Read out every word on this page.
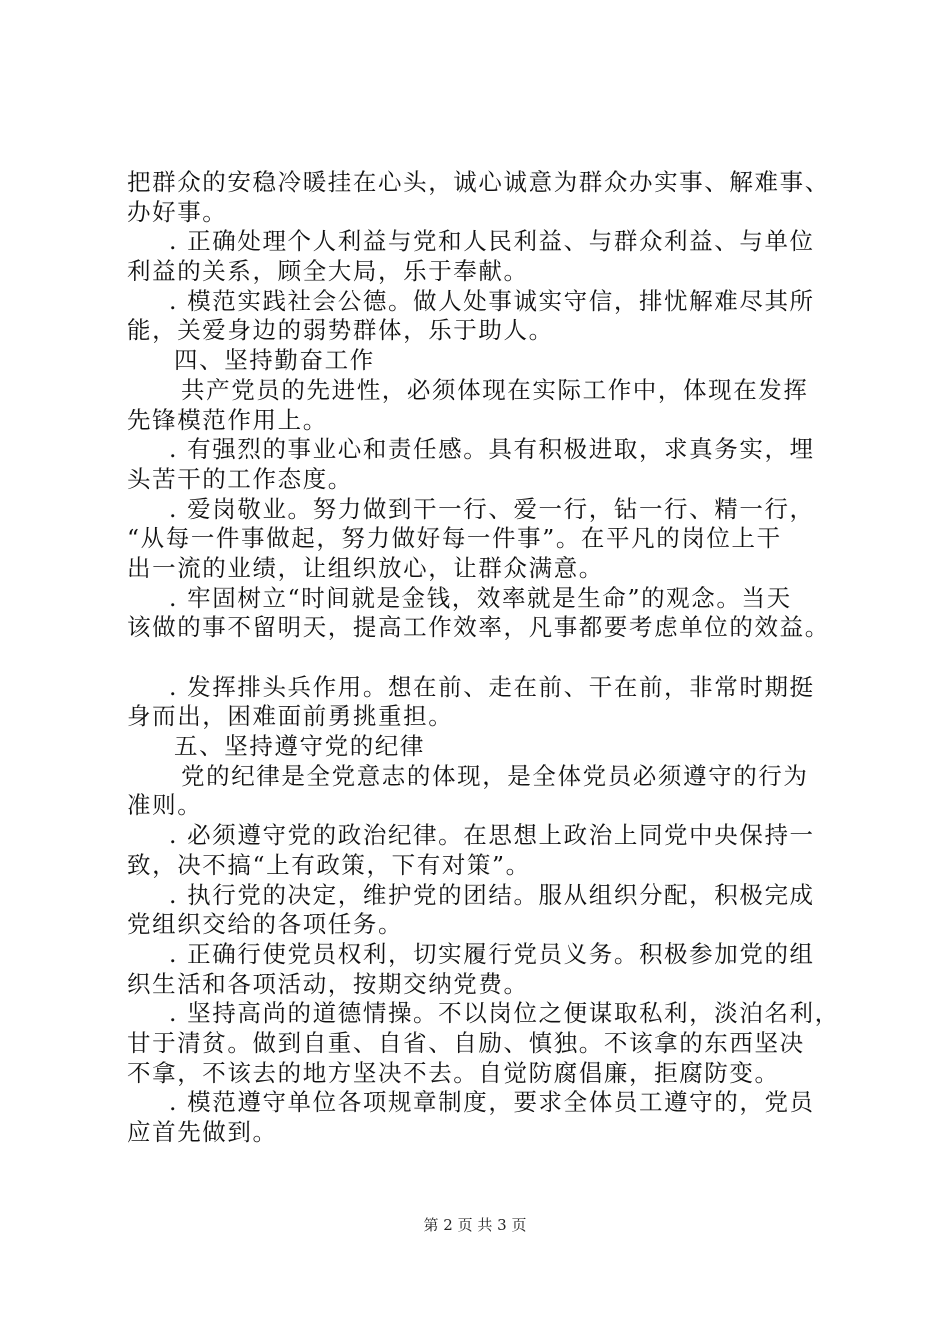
把群众的安稳冷暖挂在心头，诚心诚意为群众办实事、解难事、
办好事。
. 正确处理个人利益与党和人民利益、与群众利益、与单位
利益的关系，顾全大局，乐于奉献。
. 模范实践社会公德。做人处事诚实守信，排忧解难尽其所
能，关爱身边的弱势群体，乐于助人。
四、坚持勤奋工作
共产党员的先进性，必须体现在实际工作中，体现在发挥
先锋模范作用上。
. 有强烈的事业心和责任感。具有积极进取，求真务实，埋
头苦干的工作态度。
. 爱岗敬业。努力做到干一行、爱一行，钻一行、精一行，
“从每一件事做起，努力做好每一件事”。在平凡的岗位上干
出一流的业绩，让组织放心，让群众满意。
. 牢固树立“时间就是金钱，效率就是生命”的观念。当天
该做的事不留明天，提高工作效率，凡事都要考虑单位的效益。
. 发挥排头兵作用。想在前、走在前、干在前，非常时期挺
身而出，困难面前勇挑重担。
五、坚持遵守党的纪律
党的纪律是全党意志的体现，是全体党员必须遵守的行为
准则。
. 必须遵守党的政治纪律。在思想上政治上同党中央保持一
致，决不搞“上有政策，下有对策”。
. 执行党的决定，维护党的团结。服从组织分配，积极完成
党组织交给的各项任务。
. 正确行使党员权利，切实履行党员义务。积极参加党的组
织生活和各项活动，按期交纳党费。
. 坚持高尚的道德情操。不以岗位之便谋取私利，淡泊名利，
甘于清贫。做到自重、自省、自励、慎独。不该拿的东西坚决
不拿，不该去的地方坚决不去。自觉防腐倡廉，拒腐防变。
. 模范遵守单位各项规章制度，要求全体员工遵守的，党员
应首先做到。
第 2 页 共 3 页
